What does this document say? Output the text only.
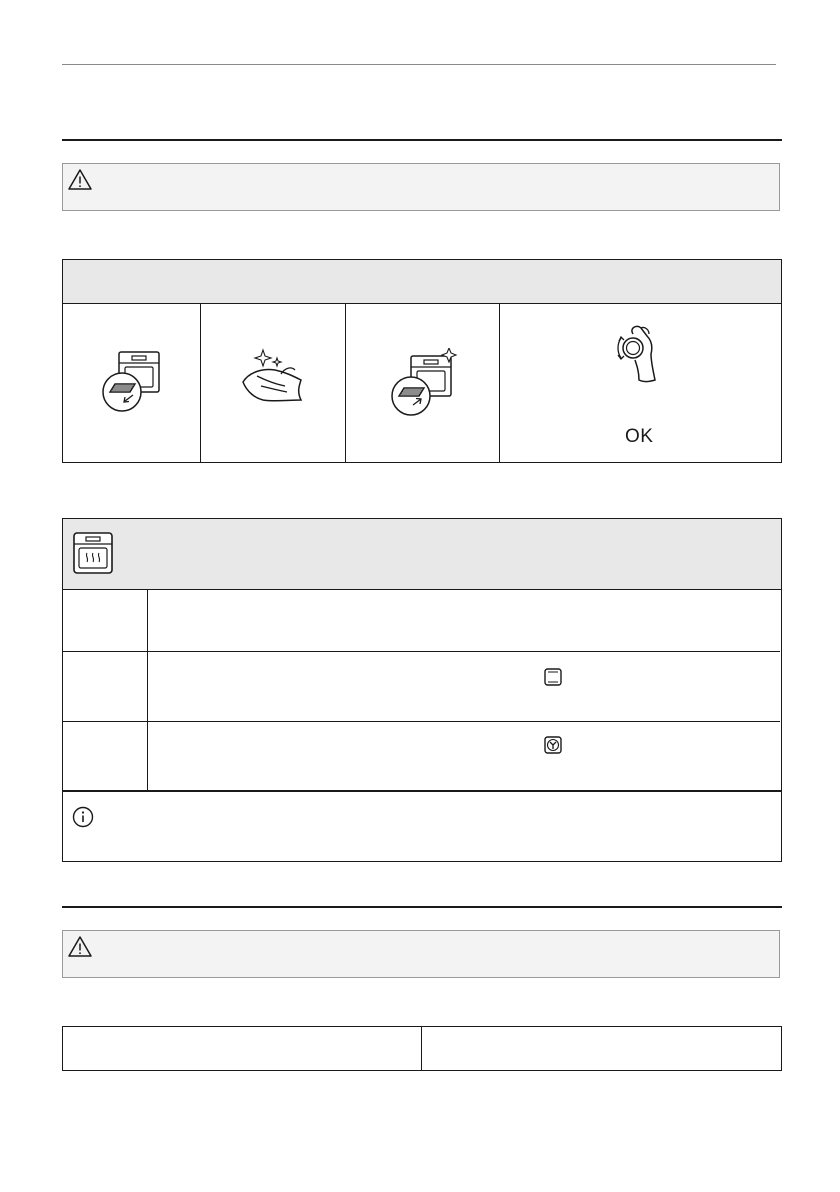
OK
